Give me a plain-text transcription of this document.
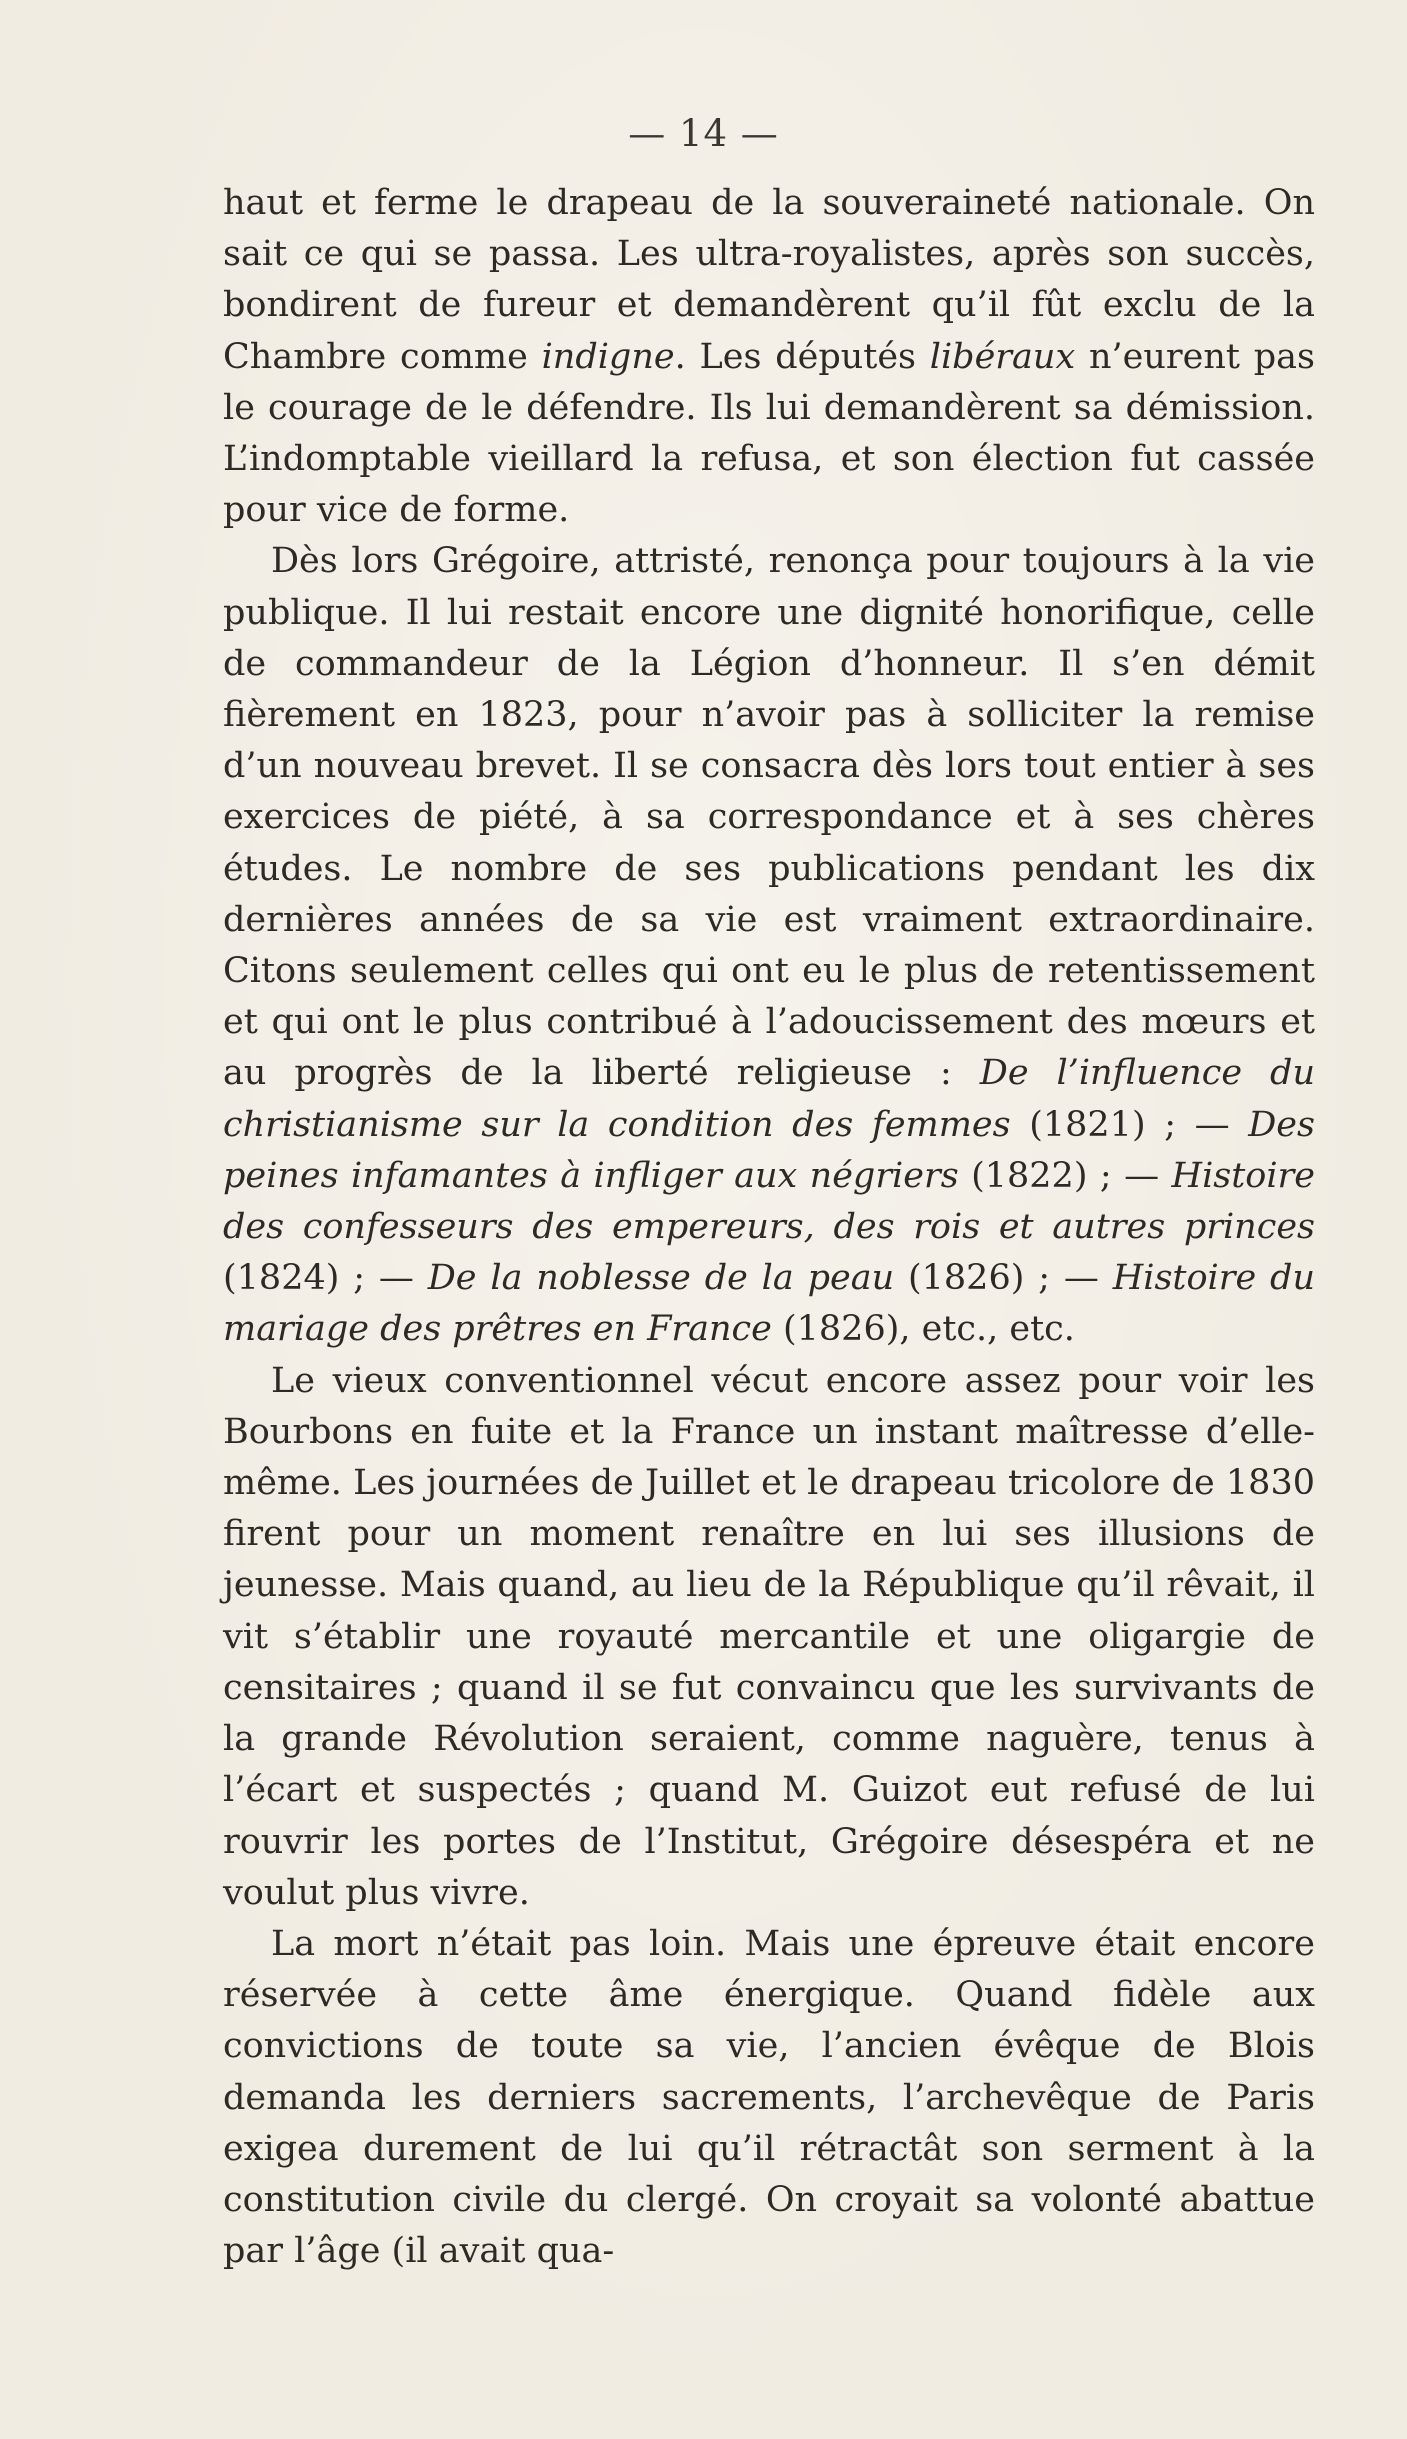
— 14 —

haut et ferme le drapeau de la souveraineté nationale. On sait ce qui se passa. Les ultra-royalistes, après son succès, bondirent de fureur et demandèrent qu’il fût exclu de la Chambre comme indigne. Les députés libéraux n’eurent pas le courage de le défendre. Ils lui demandèrent sa démission. L’indomptable vieillard la refusa, et son élection fut cassée pour vice de forme.

Dès lors Grégoire, attristé, renonça pour toujours à la vie publique. Il lui restait encore une dignité honorifique, celle de commandeur de la Légion d’honneur. Il s’en démit fièrement en 1823, pour n’avoir pas à solliciter la remise d’un nouveau brevet. Il se consacra dès lors tout entier à ses exercices de piété, à sa correspondance et à ses chères études. Le nombre de ses publications pendant les dix dernières années de sa vie est vraiment extraordinaire. Citons seulement celles qui ont eu le plus de retentissement et qui ont le plus contribué à l’adoucissement des mœurs et au progrès de la liberté religieuse : De l’influence du christianisme sur la condition des femmes (1821) ; — Des peines infamantes à infliger aux négriers (1822) ; — Histoire des confesseurs des empereurs, des rois et autres princes (1824) ; — De la noblesse de la peau (1826) ; — Histoire du mariage des prêtres en France (1826), etc., etc.

Le vieux conventionnel vécut encore assez pour voir les Bourbons en fuite et la France un instant maîtresse d’elle-même. Les journées de Juillet et le drapeau tricolore de 1830 firent pour un moment renaître en lui ses illusions de jeunesse. Mais quand, au lieu de la République qu’il rêvait, il vit s’établir une royauté mercantile et une oligargie de censitaires ; quand il se fut convaincu que les survivants de la grande Révolution seraient, comme naguère, tenus à l’écart et suspectés ; quand M. Guizot eut refusé de lui rouvrir les portes de l’Institut, Grégoire désespéra et ne voulut plus vivre.

La mort n’était pas loin. Mais une épreuve était encore réservée à cette âme énergique. Quand fidèle aux convictions de toute sa vie, l’ancien évêque de Blois demanda les derniers sacrements, l’archevêque de Paris exigea durement de lui qu’il rétractât son serment à la constitution civile du clergé. On croyait sa volonté abattue par l’âge (il avait qua-
